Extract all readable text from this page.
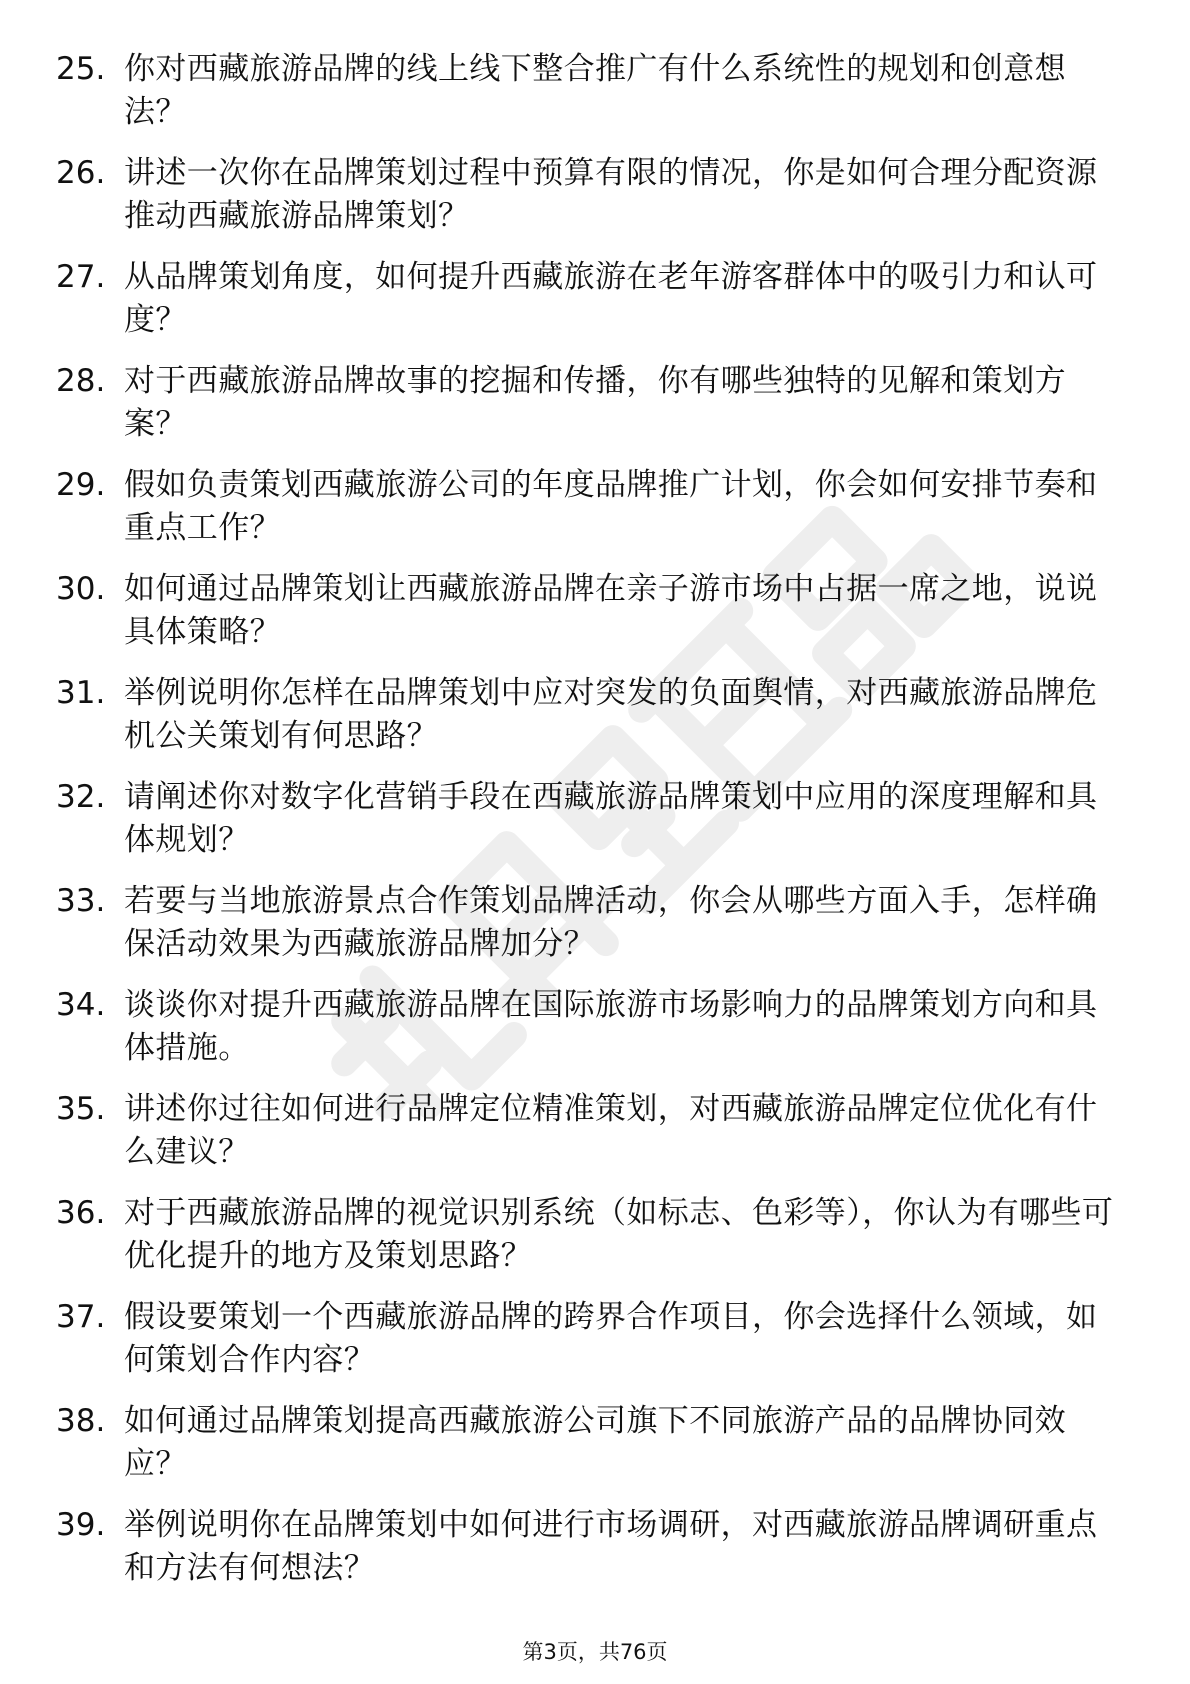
25. 你对西藏旅游品牌的线上线下整合推广有什么系统性的规划和创意想法？
26. 讲述一次你在品牌策划过程中预算有限的情况，你是如何合理分配资源推动西藏旅游品牌策划？
27. 从品牌策划角度，如何提升西藏旅游在老年游客群体中的吸引力和认可度？
28. 对于西藏旅游品牌故事的挖掘和传播，你有哪些独特的见解和策划方案？
29. 假如负责策划西藏旅游公司的年度品牌推广计划，你会如何安排节奏和重点工作？
30. 如何通过品牌策划让西藏旅游品牌在亲子游市场中占据一席之地，说说具体策略？
31. 举例说明你怎样在品牌策划中应对突发的负面舆情，对西藏旅游品牌危机公关策划有何思路？
32. 请阐述你对数字化营销手段在西藏旅游品牌策划中应用的深度理解和具体规划？
33. 若要与当地旅游景点合作策划品牌活动，你会从哪些方面入手，怎样确保活动效果为西藏旅游品牌加分？
34. 谈谈你对提升西藏旅游品牌在国际旅游市场影响力的品牌策划方向和具体措施。
35. 讲述你过往如何进行品牌定位精准策划，对西藏旅游品牌定位优化有什么建议？
36. 对于西藏旅游品牌的视觉识别系统（如标志、色彩等），你认为有哪些可优化提升的地方及策划思路？
37. 假设要策划一个西藏旅游品牌的跨界合作项目，你会选择什么领域，如何策划合作内容？
38. 如何通过品牌策划提高西藏旅游公司旗下不同旅游产品的品牌协同效应？
39. 举例说明你在品牌策划中如何进行市场调研，对西藏旅游品牌调研重点和方法有何想法？
第3页，共76页
